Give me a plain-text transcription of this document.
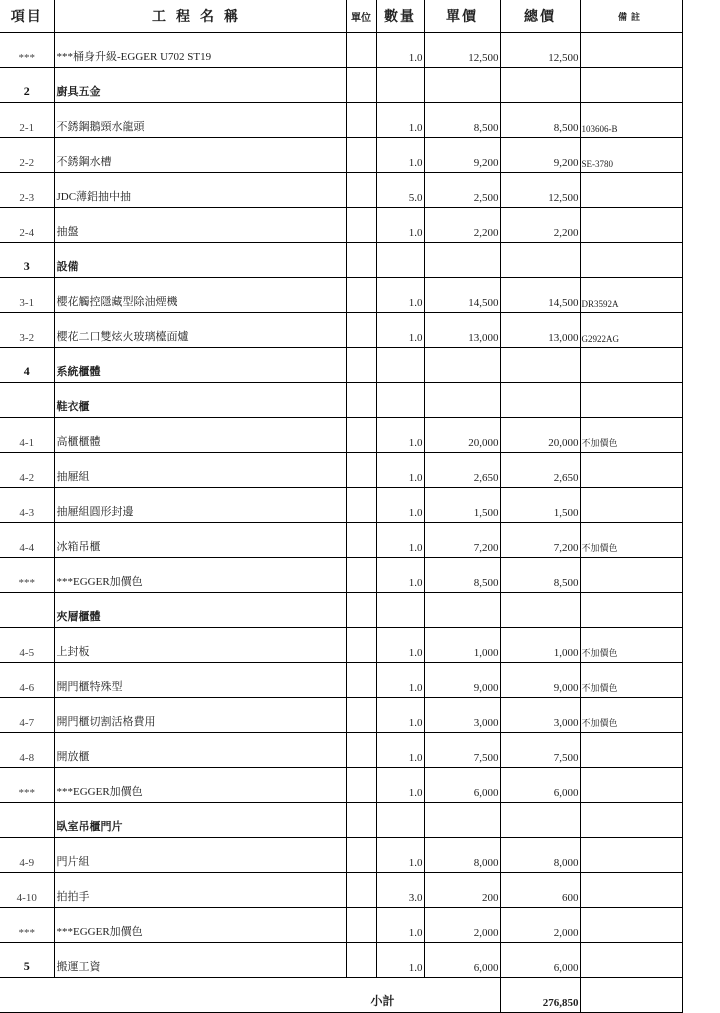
項目	工程名稱	單位	數量	單價	總價	備註
***	***桶身升級-EGGER U702 ST19		1.0	12,500	12,500	
2	廚具五金					
2-1	不銹鋼鵝頸水龍頭		1.0	8,500	8,500	103606-B
2-2	不銹鋼水槽		1.0	9,200	9,200	SE-3780
2-3	JDC薄鋁抽中抽		5.0	2,500	12,500	
2-4	抽盤		1.0	2,200	2,200	
3	設備					
3-1	櫻花觸控隱藏型除油煙機		1.0	14,500	14,500	DR3592A
3-2	櫻花二口雙炫火玻璃檯面爐		1.0	13,000	13,000	G2922AG
4	系統櫃體					
	鞋衣櫃					
4-1	高櫃櫃體		1.0	20,000	20,000	不加價色
4-2	抽屜組		1.0	2,650	2,650	
4-3	抽屜組圓形封邊		1.0	1,500	1,500	
4-4	冰箱吊櫃		1.0	7,200	7,200	不加價色
***	***EGGER加價色		1.0	8,500	8,500	
	夾層櫃體					
4-5	上封板		1.0	1,000	1,000	不加價色
4-6	開門櫃特殊型		1.0	9,000	9,000	不加價色
4-7	開門櫃切割活格費用		1.0	3,000	3,000	不加價色
4-8	開放櫃		1.0	7,500	7,500	
***	***EGGER加價色		1.0	6,000	6,000	
	臥室吊櫃門片					
4-9	門片組		1.0	8,000	8,000	
4-10	拍拍手		3.0	200	600	
***	***EGGER加價色		1.0	2,000	2,000	
5	搬運工資		1.0	6,000	6,000	
小計					276,850	
